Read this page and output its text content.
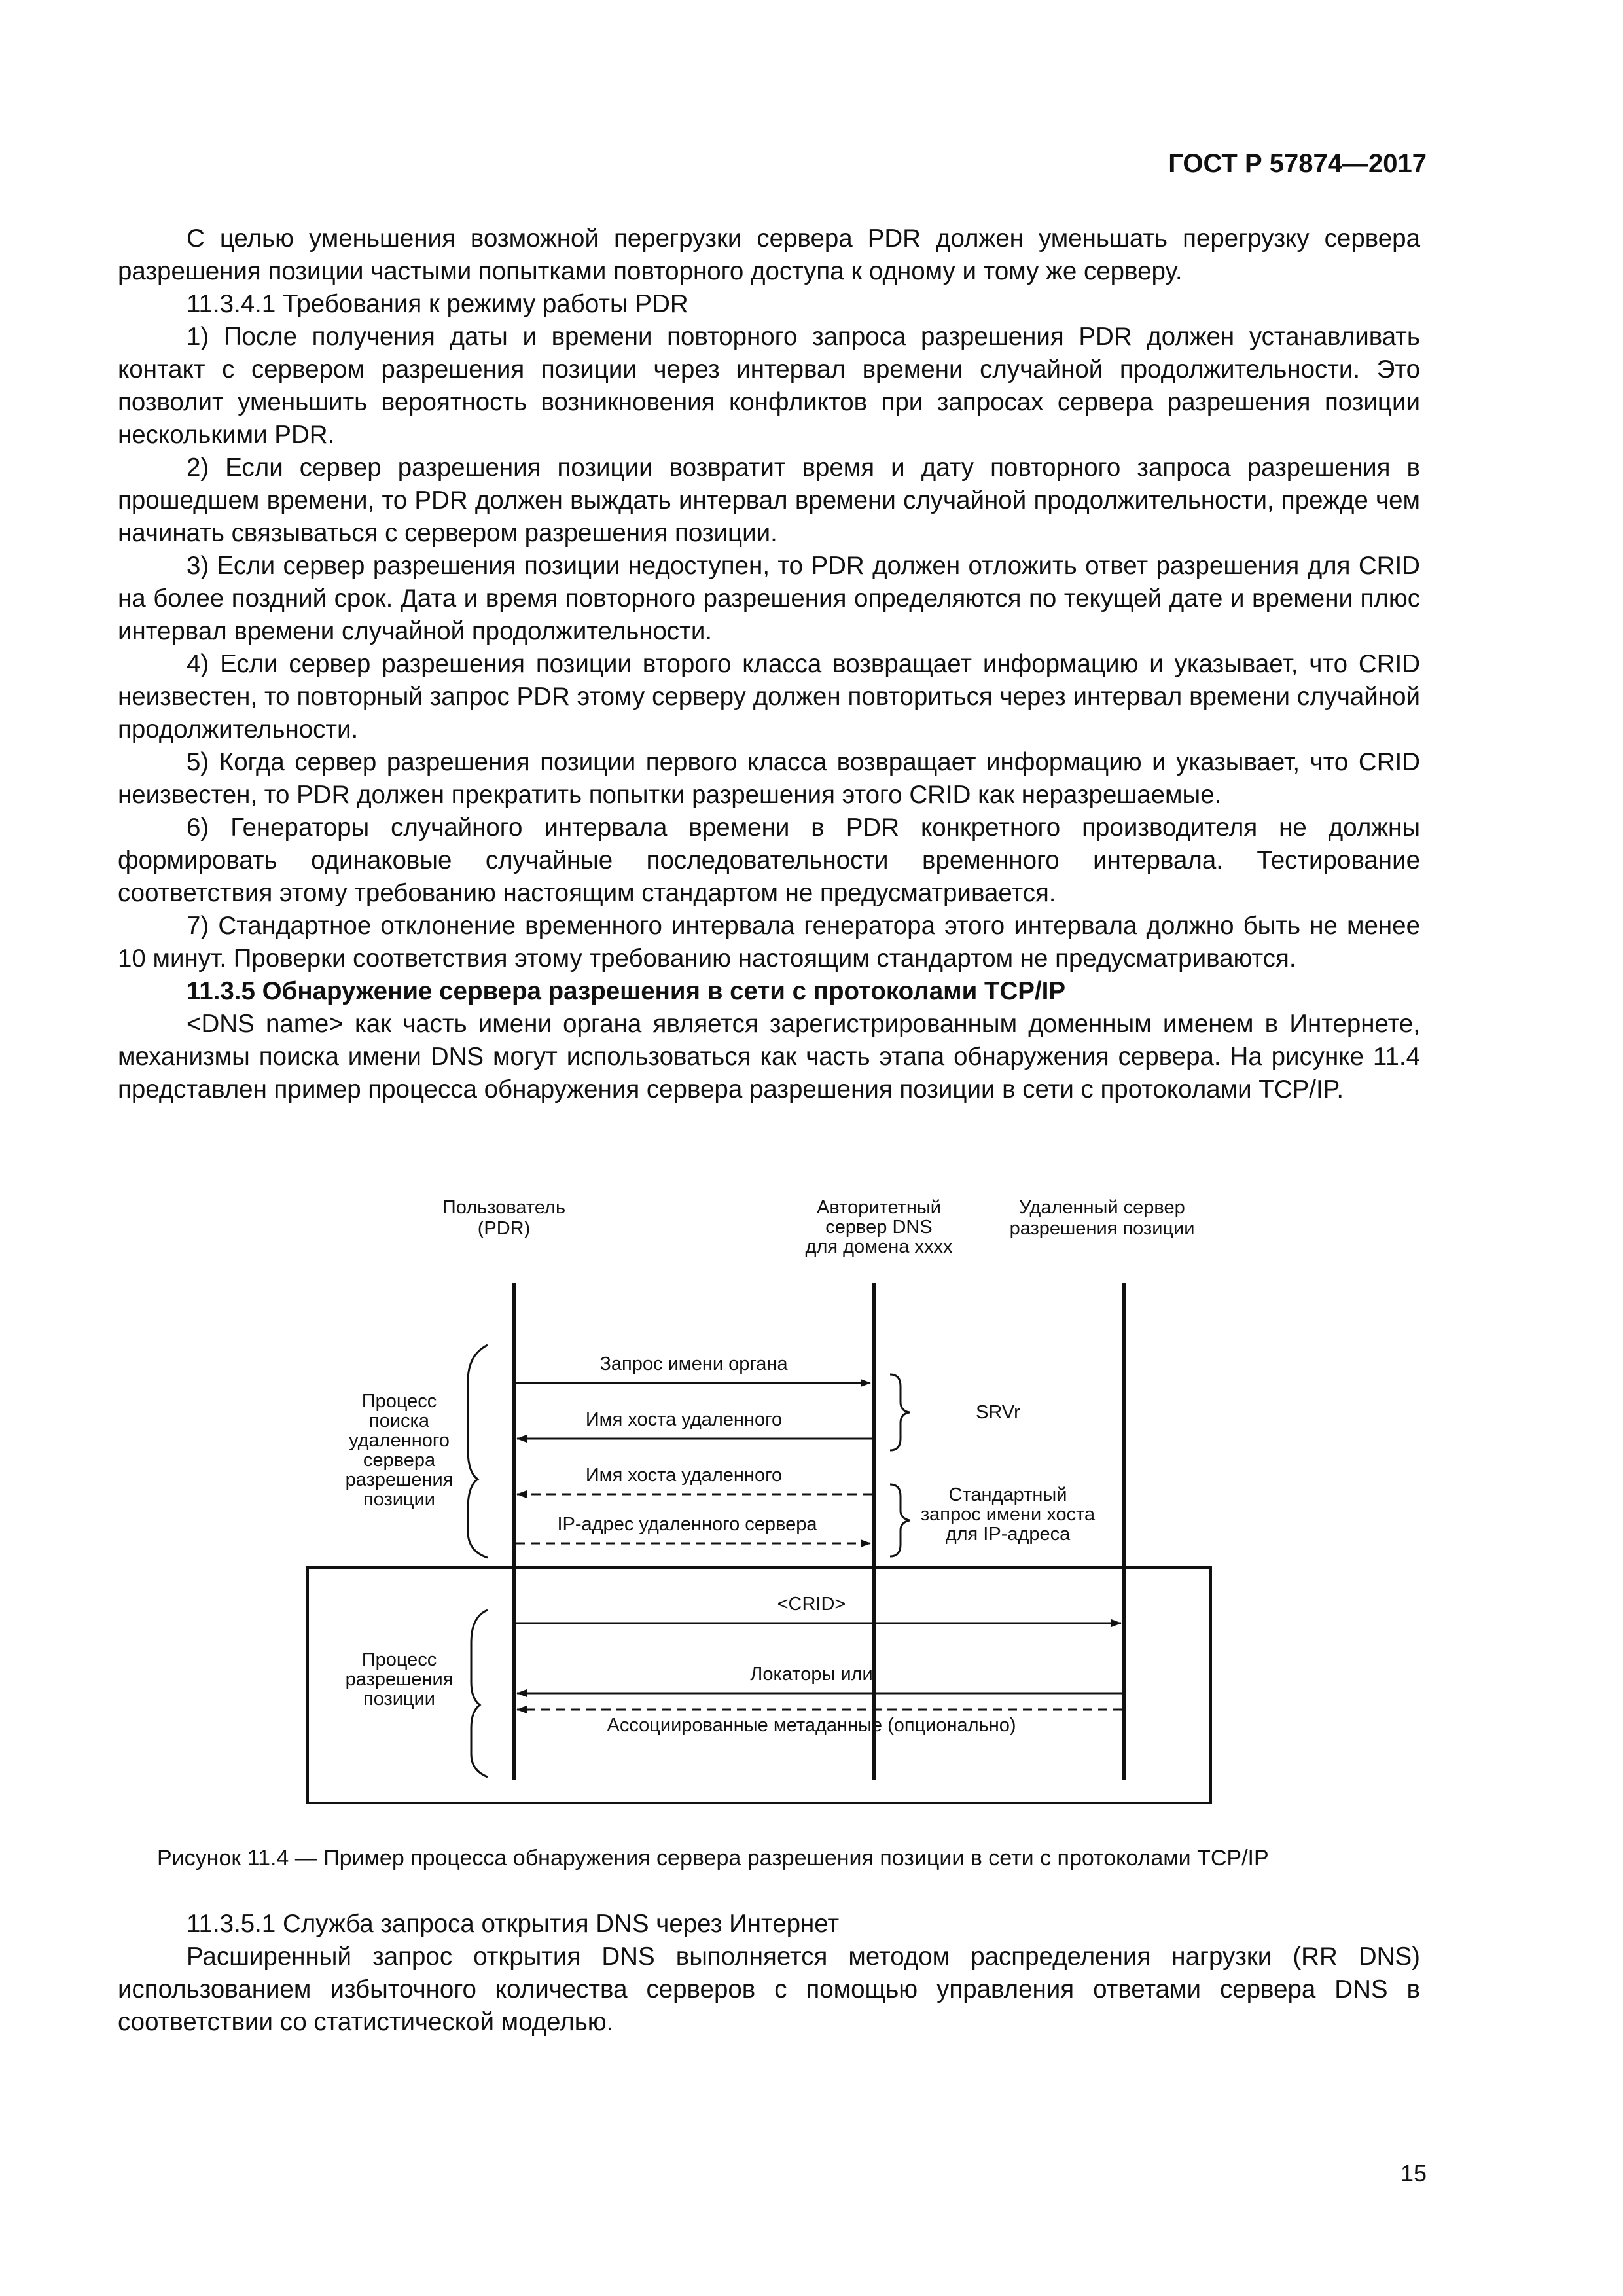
ГОСТ Р 57874—2017

С целью уменьшения возможной перегрузки сервера PDR должен уменьшать перегрузку сервера разрешения позиции частыми попытками повторного доступа к одному и тому же серверу.

11.3.4.1 Требования к режиму работы PDR

1) После получения даты и времени повторного запроса разрешения PDR должен устанавливать контакт с сервером разрешения позиции через интервал времени случайной продолжительности. Это позволит уменьшить вероятность возникновения конфликтов при запросах сервера разрешения позиции несколькими PDR.

2) Если сервер разрешения позиции возвратит время и дату повторного запроса разрешения в прошедшем времени, то PDR должен выждать интервал времени случайной продолжительности, прежде чем начинать связываться с сервером разрешения позиции.

3) Если сервер разрешения позиции недоступен, то PDR должен отложить ответ разрешения для CRID на более поздний срок. Дата и время повторного разрешения определяются по текущей дате и времени плюс интервал времени случайной продолжительности.

4) Если сервер разрешения позиции второго класса возвращает информацию и указывает, что CRID неизвестен, то повторный запрос PDR этому серверу должен повториться через интервал времени случайной продолжительности.

5) Когда сервер разрешения позиции первого класса возвращает информацию и указывает, что CRID неизвестен, то PDR должен прекратить попытки разрешения этого CRID как неразрешаемые.

6) Генераторы случайного интервала времени в PDR конкретного производителя не должны формировать одинаковые случайные последовательности временного интервала. Тестирование соответствия этому требованию настоящим стандартом не предусматривается.

7) Стандартное отклонение временного интервала генератора этого интервала должно быть не менее 10 минут. Проверки соответствия этому требованию настоящим стандартом не предусматриваются.

11.3.5 Обнаружение сервера разрешения в сети с протоколами TCP/IP

<DNS name> как часть имени органа является зарегистрированным доменным именем в Интернете, механизмы поиска имени DNS могут использоваться как часть этапа обнаружения сервера. На рисунке 11.4 представлен пример процесса обнаружения сервера разрешения позиции в сети с протоколами TCP/IP.

Пользователь
(PDR)
Авторитетный
сервер DNS
для домена xxxx
Удаленный сервер
разрешения позиции
Процесс
поиска
удаленного
сервера
разрешения
позиции
Процесс
разрешения
позиции
Запрос имени органа
Имя хоста удаленного
Имя хоста удаленного
IP-адрес удаленного сервера
<CRID>
Локаторы или
Ассоциированные метаданные (опционально)
SRVr
Стандартный
запрос имени хоста
для IP-адреса
Рисунок 11.4 — Пример процесса обнаружения сервера разрешения позиции в сети с протоколами TCP/IP

11.3.5.1 Служба запроса открытия DNS через Интернет

Расширенный запрос открытия DNS выполняется методом распределения нагрузки (RR DNS) использованием избыточного количества серверов с помощью управления ответами сервера DNS в соответствии со статистической моделью.

15
